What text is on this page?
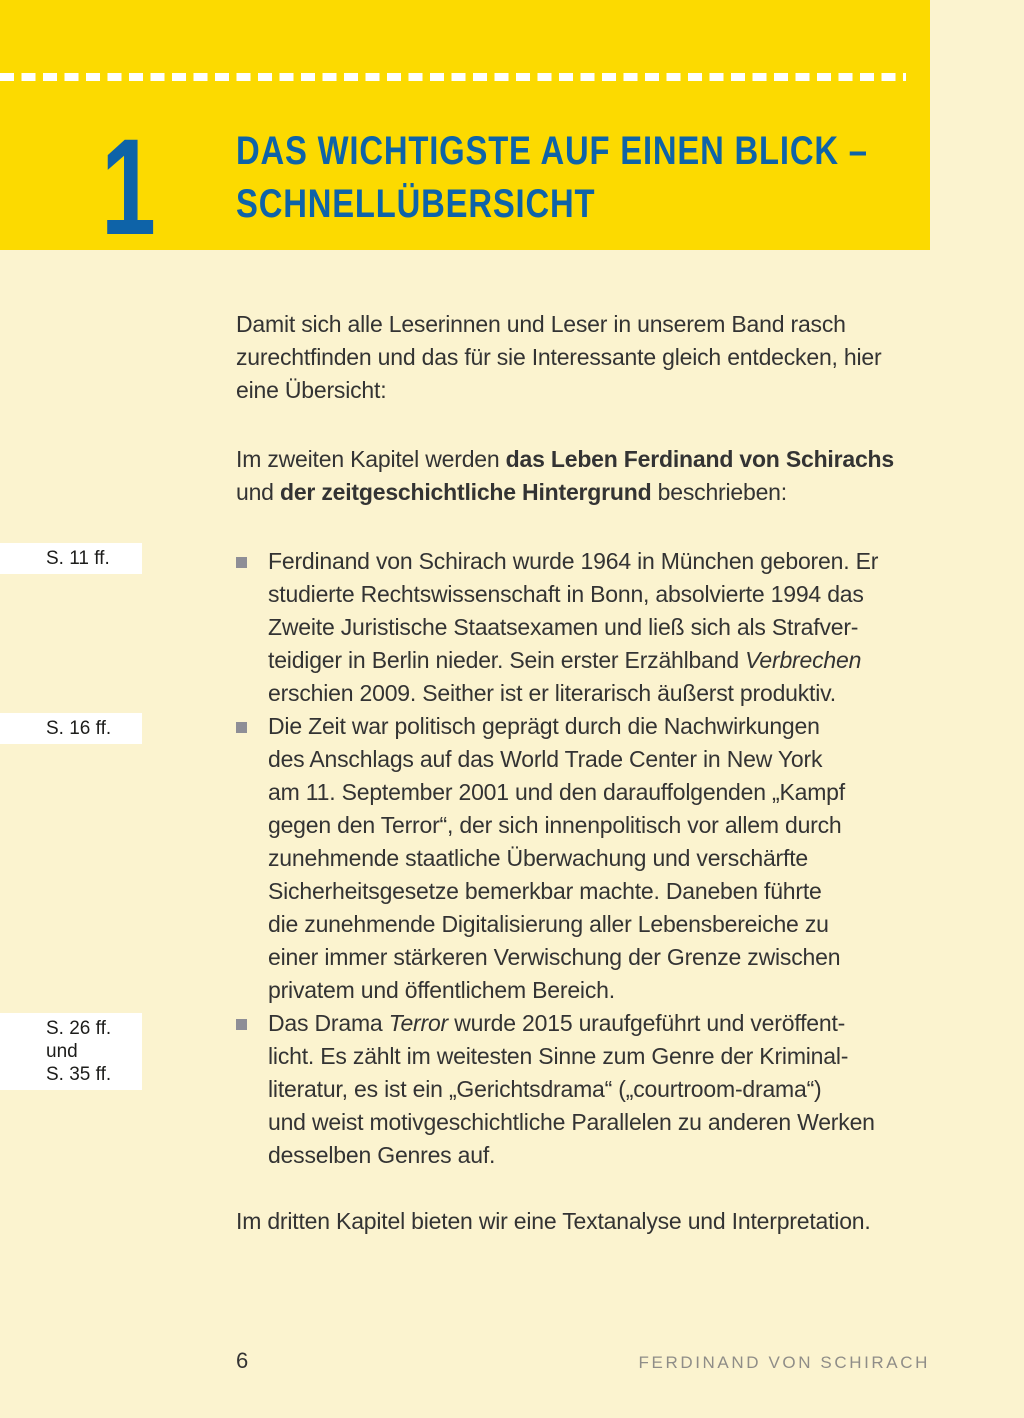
1 DAS WICHTIGSTE AUF EINEN BLICK –
SCHNELLÜBERSICHT
S. 11 ff.
S. 16 ff.
S. 26 ff.
und
S. 35 ff.
Damit sich alle Leserinnen und Leser in unserem Band rasch
zurechtfinden und das für sie Interessante gleich entdecken, hier
eine Übersicht:
Im zweiten Kapitel werden das Leben Ferdinand von Schirachs
und der zeitgeschichtliche Hintergrund beschrieben:
Ferdinand von Schirach wurde 1964 in München geboren. Er
studierte Rechtswissenschaft in Bonn, absolvierte 1994 das
Zweite Juristische Staatsexamen und ließ sich als Strafver-
teidiger in Berlin nieder. Sein erster Erzählband Verbrechen
erschien 2009. Seither ist er literarisch äußerst produktiv.
Die Zeit war politisch geprägt durch die Nachwirkungen
des Anschlags auf das World Trade Center in New York
am 11. September 2001 und den darauffolgenden „Kampf
gegen den Terror“, der sich innenpolitisch vor allem durch
zunehmende staatliche Überwachung und verschärfte
Sicherheitsgesetze bemerkbar machte. Daneben führte
die zunehmende Digitalisierung aller Lebensbereiche zu
einer immer stärkeren Verwischung der Grenze zwischen
privatem und öffentlichem Bereich.
Das Drama Terror wurde 2015 uraufgeführt und veröffent-
licht. Es zählt im weitesten Sinne zum Genre der Kriminal-
literatur, es ist ein „Gerichtsdrama“ („courtroom-drama“)
und weist motivgeschichtliche Parallelen zu anderen Werken
desselben Genres auf.
Im dritten Kapitel bieten wir eine Textanalyse und Interpretation.
6	FERDINAND VON SCHIRACH
